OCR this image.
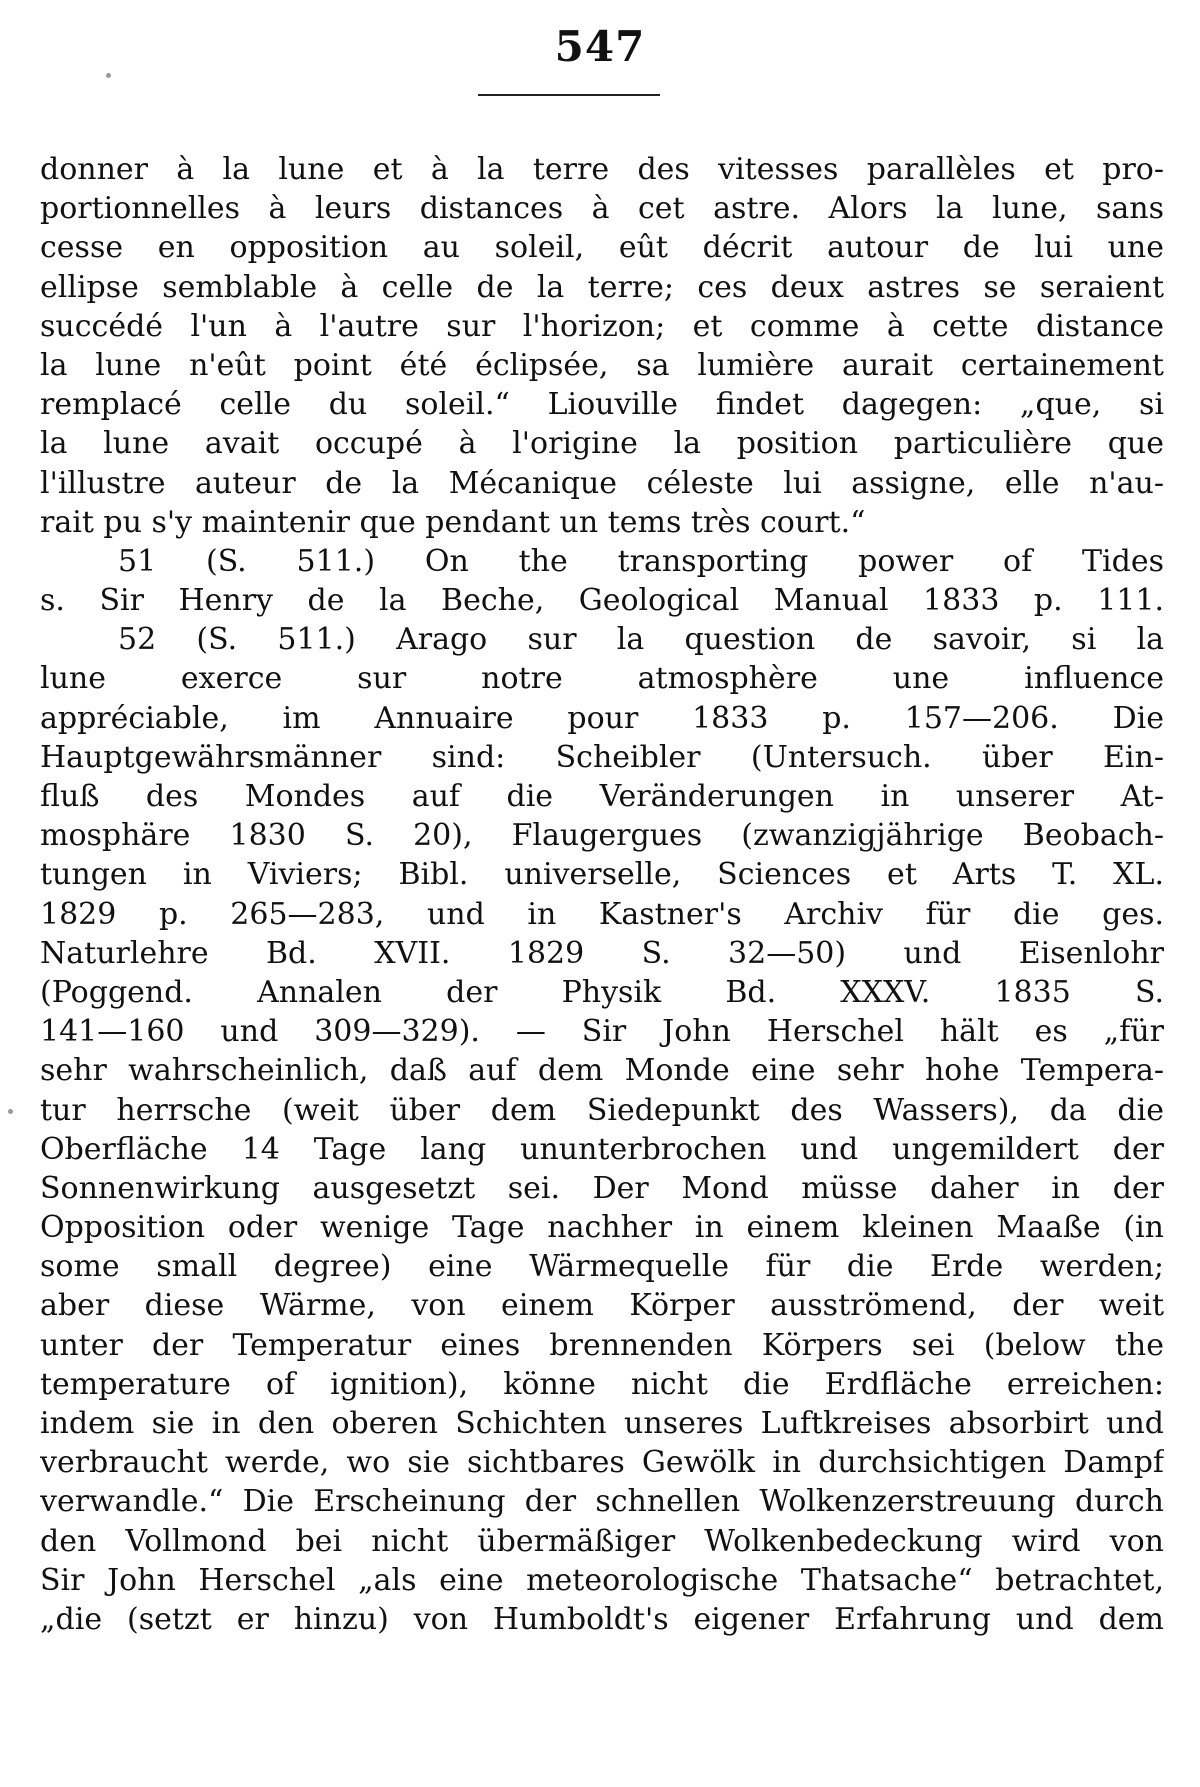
547
donner à la lune et à la terre des vitesses parallèles et pro-
portionnelles à leurs distances à cet astre. Alors la lune, sans
cesse en opposition au soleil, eût décrit autour de lui une
ellipse semblable à celle de la terre; ces deux astres se seraient
succédé l'un à l'autre sur l'horizon; et comme à cette distance
la lune n'eût point été éclipsée, sa lumière aurait certainement
remplacé celle du soleil.“ Liouville findet dagegen: „que, si
la lune avait occupé à l'origine la position particulière que
l'illustre auteur de la Mécanique céleste lui assigne, elle n'au-
rait pu s'y maintenir que pendant un tems très court.“
51 (S. 511.) On the transporting power of Tides
s. Sir Henry de la Beche, Geological Manual 1833 p. 111.
52 (S. 511.) Arago sur la question de savoir, si la
lune exerce sur notre atmosphère une influence
appréciable, im Annuaire pour 1833 p. 157—206. Die
Hauptgewährsmänner sind: Scheibler (Untersuch. über Ein-
fluß des Mondes auf die Veränderungen in unserer At-
mosphäre 1830 S. 20), Flaugergues (zwanzigjährige Beobach-
tungen in Viviers; Bibl. universelle, Sciences et Arts T. XL.
1829 p. 265—283, und in Kastner's Archiv für die ges.
Naturlehre Bd. XVII. 1829 S. 32—50) und Eisenlohr
(Poggend. Annalen der Physik Bd. XXXV. 1835 S.
141—160 und 309—329). — Sir John Herschel hält es „für
sehr wahrscheinlich, daß auf dem Monde eine sehr hohe Tempera-
tur herrsche (weit über dem Siedepunkt des Wassers), da die
Oberfläche 14 Tage lang ununterbrochen und ungemildert der
Sonnenwirkung ausgesetzt sei. Der Mond müsse daher in der
Opposition oder wenige Tage nachher in einem kleinen Maaße (in
some small degree) eine Wärmequelle für die Erde werden;
aber diese Wärme, von einem Körper ausströmend, der weit
unter der Temperatur eines brennenden Körpers sei (below the
temperature of ignition), könne nicht die Erdfläche erreichen:
indem sie in den oberen Schichten unseres Luftkreises absorbirt und
verbraucht werde, wo sie sichtbares Gewölk in durchsichtigen Dampf
verwandle.“ Die Erscheinung der schnellen Wolkenzerstreuung durch
den Vollmond bei nicht übermäßiger Wolkenbedeckung wird von
Sir John Herschel „als eine meteorologische Thatsache“ betrachtet,
„die (setzt er hinzu) von Humboldt's eigener Erfahrung und dem
